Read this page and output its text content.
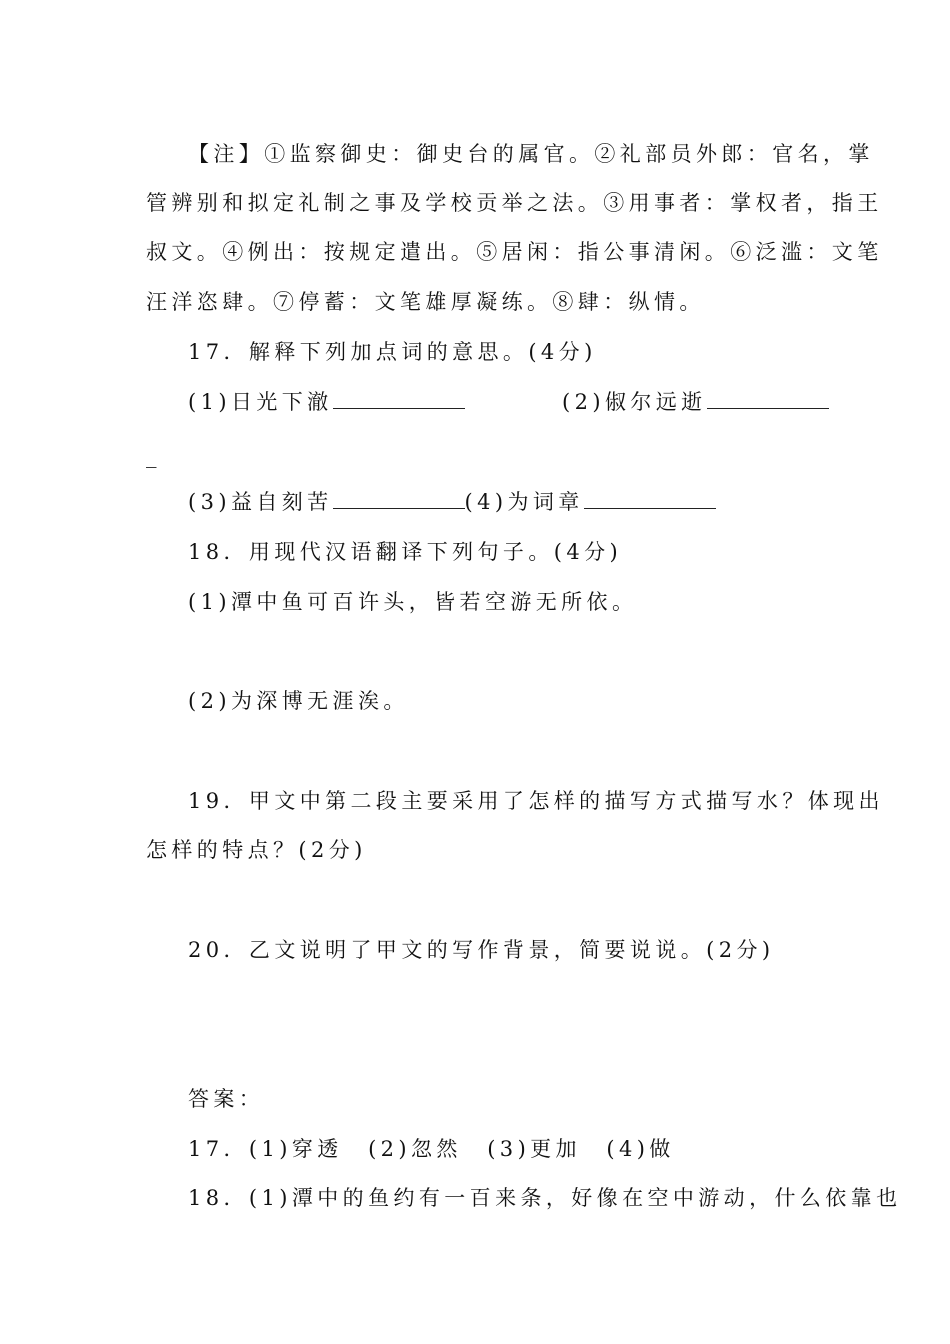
【注】①监察御史：御史台的属官。②礼部员外郎：官名，掌
管辨别和拟定礼制之事及学校贡举之法。③用事者：掌权者，指王
叔文。④例出：按规定遣出。⑤居闲：指公事清闲。⑥泛滥：文笔
汪洋恣肆。⑦停蓄：文笔雄厚凝练。⑧肆：纵情。
17．解释下列加点词的意思。(4分)
(1)日光下澈	(2)俶尔远逝
_
(3)益自刻苦	(4)为词章
18．用现代汉语翻译下列句子。(4分)
(1)潭中鱼可百许头，皆若空游无所依。
(2)为深博无涯涘。
19．甲文中第二段主要采用了怎样的描写方式描写水？体现出
怎样的特点？(2分)
20．乙文说明了甲文的写作背景，简要说说。(2分)
答案：
17．(1)穿透　(2)忽然　(3)更加　(4)做
18．(1)潭中的鱼约有一百来条，好像在空中游动，什么依靠也
